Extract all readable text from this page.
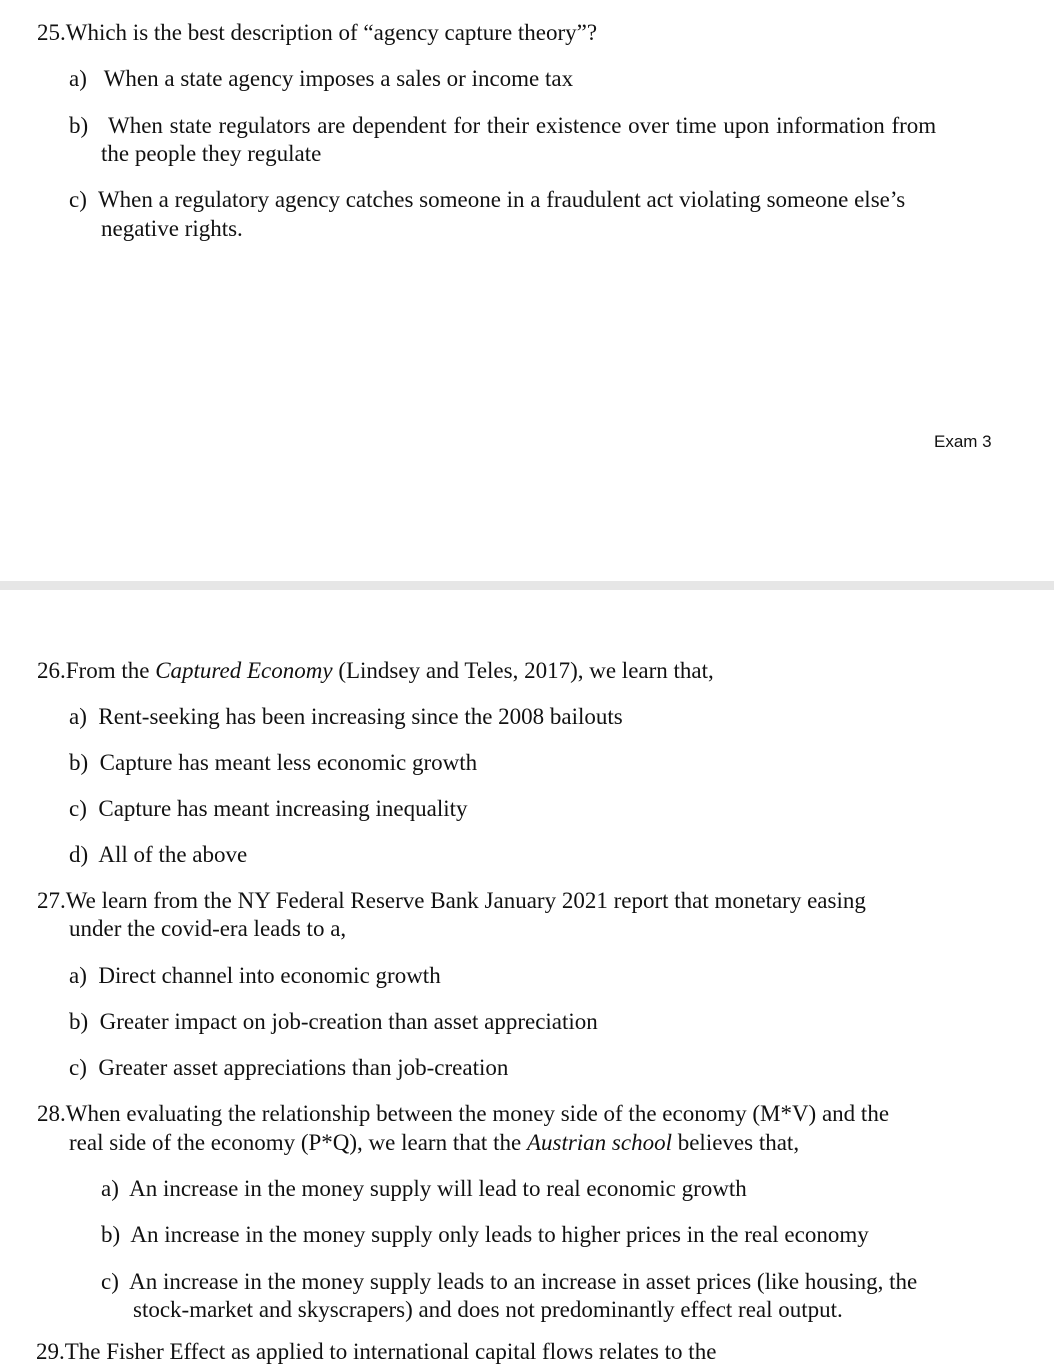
25.Which is the best description of “agency capture theory”?
a)   When a state agency imposes a sales or income tax
b)   When state regulators are dependent for their existence over time upon information from
the people they regulate
c)  When a regulatory agency catches someone in a fraudulent act violating someone else’s
negative rights.
Exam 3
26.From the Captured Economy (Lindsey and Teles, 2017), we learn that,
a)  Rent-seeking has been increasing since the 2008 bailouts
b)  Capture has meant less economic growth
c)  Capture has meant increasing inequality
d)  All of the above
27.We learn from the NY Federal Reserve Bank January 2021 report that monetary easing
under the covid-era leads to a,
a)  Direct channel into economic growth
b)  Greater impact on job-creation than asset appreciation
c)  Greater asset appreciations than job-creation
28.When evaluating the relationship between the money side of the economy (M*V) and the
real side of the economy (P*Q), we learn that the Austrian school believes that,
a)  An increase in the money supply will lead to real economic growth
b)  An increase in the money supply only leads to higher prices in the real economy
c)  An increase in the money supply leads to an increase in asset prices (like housing, the
stock-market and skyscrapers) and does not predominantly effect real output.
29.The Fisher Effect as applied to international capital flows relates to the
